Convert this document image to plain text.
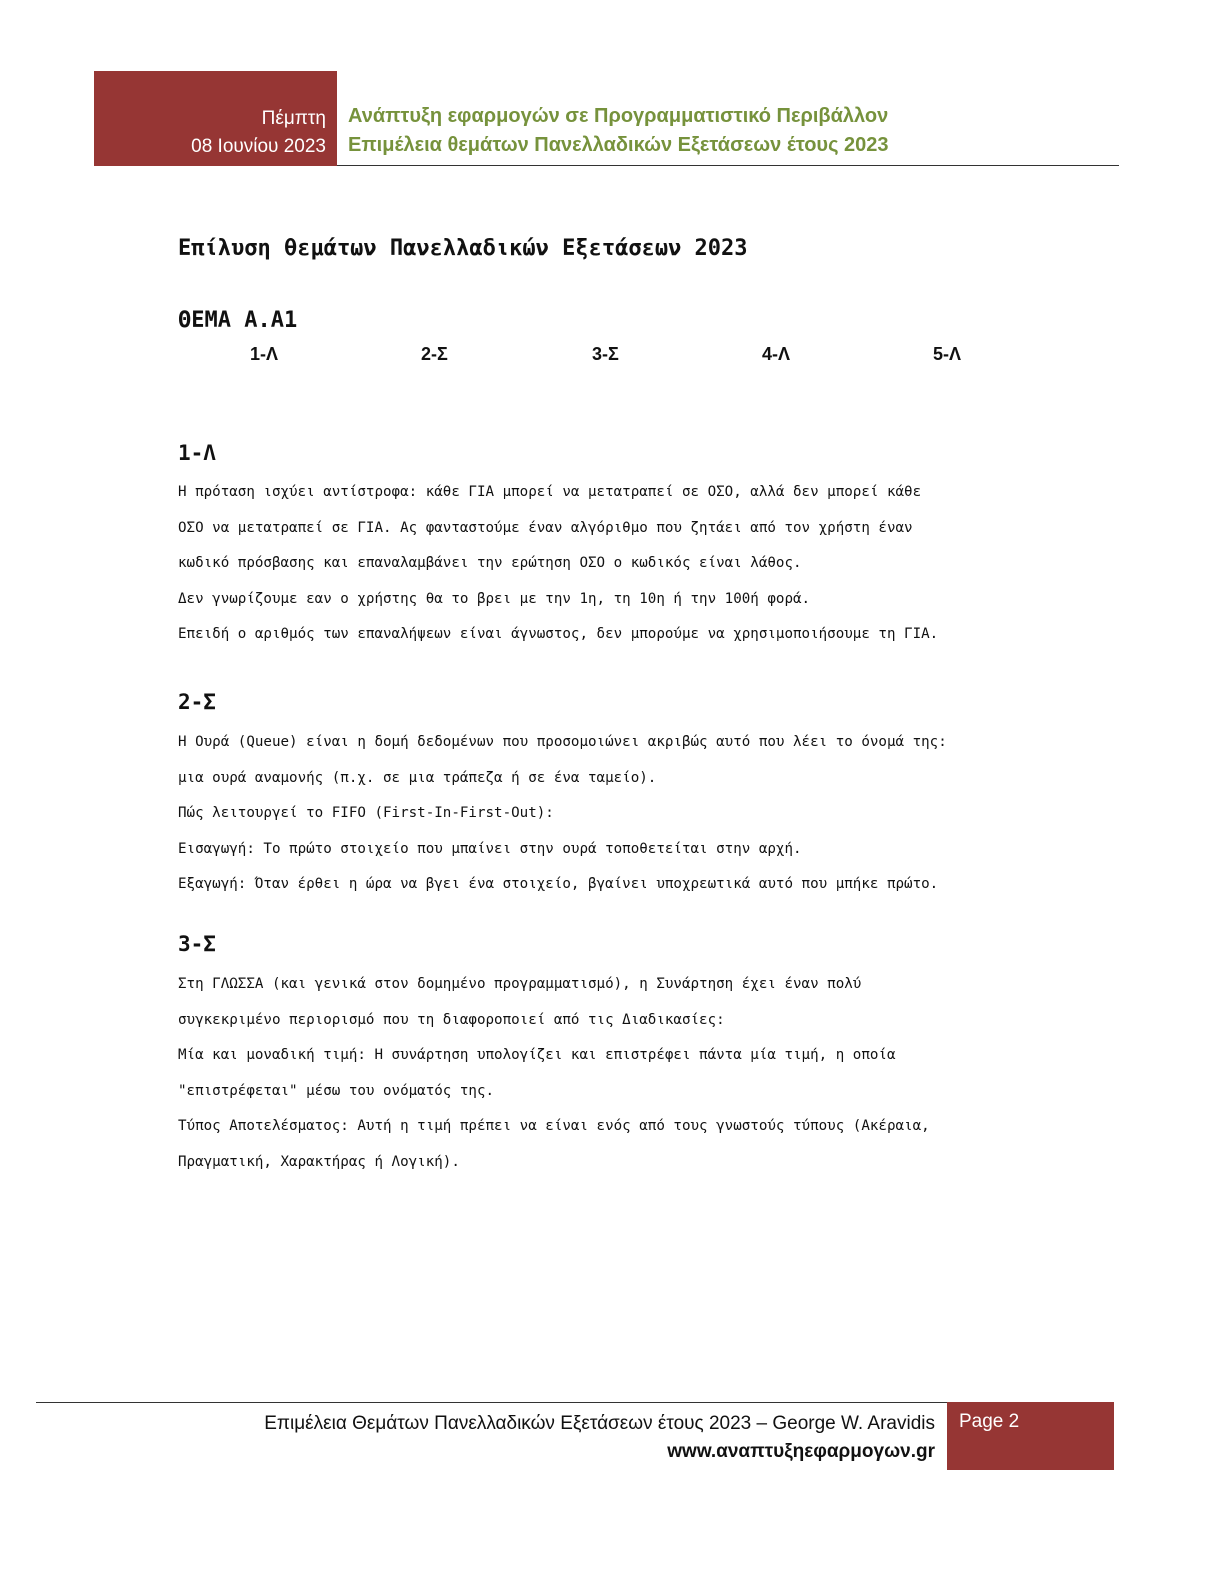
Πέμπτη
08 Ιουνίου 2023
Ανάπτυξη εφαρμογών σε Προγραμματιστικό Περιβάλλον
Επιμέλεια θεμάτων Πανελλαδικών Εξετάσεων έτους 2023
Επίλυση θεμάτων Πανελλαδικών Εξετάσεων 2023
ΘΕΜΑ Α.Α1
1-Λ	2-Σ	3-Σ	4-Λ	5-Λ
1-Λ
Η πρόταση ισχύει αντίστροφα: κάθε ΓΙΑ μπορεί να μετατραπεί σε ΟΣΟ, αλλά δεν μπορεί κάθε
ΟΣΟ να μετατραπεί σε ΓΙΑ. Ας φανταστούμε έναν αλγόριθμο που ζητάει από τον χρήστη έναν
κωδικό πρόσβασης και επαναλαμβάνει την ερώτηση ΟΣΟ ο κωδικός είναι λάθος.
Δεν γνωρίζουμε εαν ο χρήστης θα το βρει με την 1η, τη 10η ή την 100ή φορά.
Επειδή ο αριθμός των επαναλήψεων είναι άγνωστος, δεν μπορούμε να χρησιμοποιήσουμε τη ΓΙΑ.
2-Σ
Η Ουρά (Queue) είναι η δομή δεδομένων που προσομοιώνει ακριβώς αυτό που λέει το όνομά της:
μια ουρά αναμονής (π.χ. σε μια τράπεζα ή σε ένα ταμείο).
Πώς λειτουργεί το FIFO (First-In-First-Out):
Εισαγωγή: Το πρώτο στοιχείο που μπαίνει στην ουρά τοποθετείται στην αρχή.
Εξαγωγή: Όταν έρθει η ώρα να βγει ένα στοιχείο, βγαίνει υποχρεωτικά αυτό που μπήκε πρώτο.
3-Σ
Στη ΓΛΩΣΣΑ (και γενικά στον δομημένο προγραμματισμό), η Συνάρτηση έχει έναν πολύ
συγκεκριμένο περιορισμό που τη διαφοροποιεί από τις Διαδικασίες:
Μία και μοναδική τιμή: Η συνάρτηση υπολογίζει και επιστρέφει πάντα μία τιμή, η οποία
"επιστρέφεται" μέσω του ονόματός της.
Τύπος Αποτελέσματος: Αυτή η τιμή πρέπει να είναι ενός από τους γνωστούς τύπους (Ακέραια,
Πραγματική, Χαρακτήρας ή Λογική).
Επιμέλεια Θεμάτων Πανελλαδικών Εξετάσεων έτους 2023 – George W. Aravidis
www.αναπτυξηεφαρμογων.gr
Page 2
